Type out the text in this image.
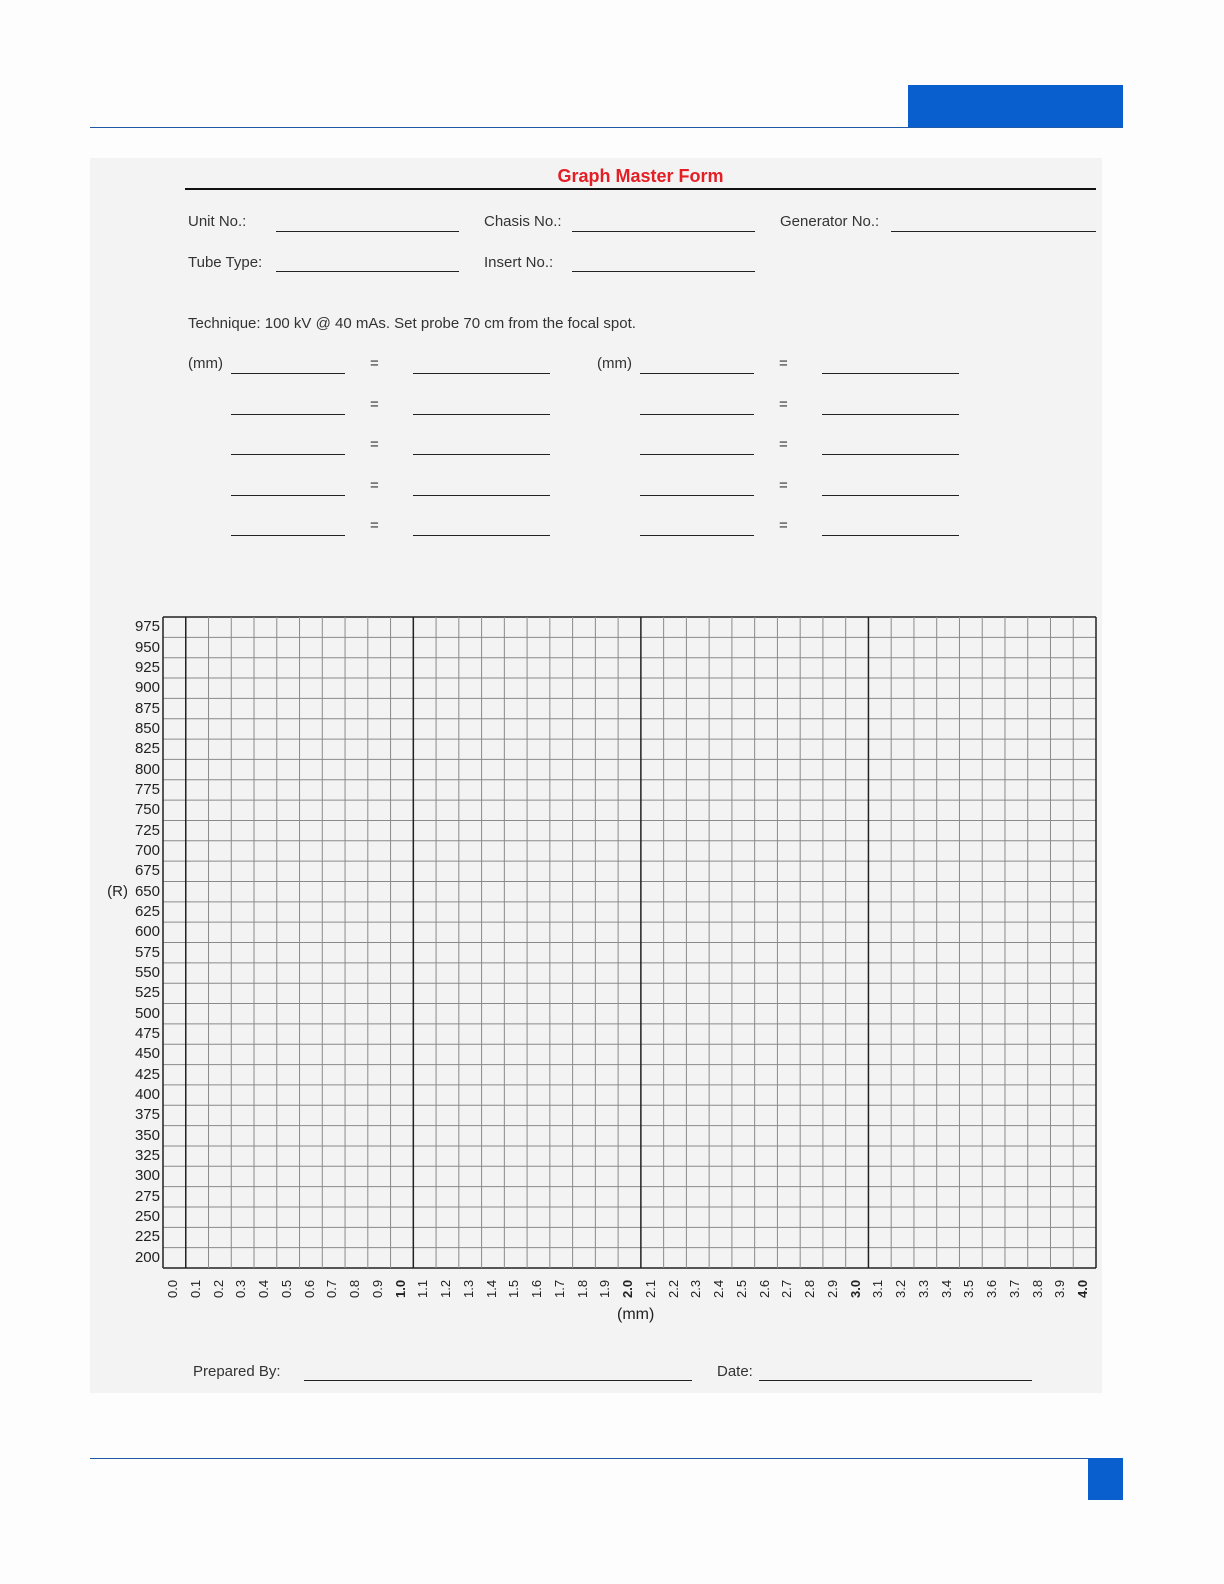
Graph Master Form
Unit No.:	Chasis No.:	Generator No.:
Tube Type:	Insert No.:
Technique: 100 kV @ 40 mAs. Set probe 70 cm from the focal spot.
(mm)	=	(mm)	=
=	=
=	=
=	=
=	=
(R)
(mm)
975
950
925
900
875
850
825
800
775
750
725
700
675
650
625
600
575
550
525
500
475
450
425
400
375
350
325
300
275
250
225
200
0.0 0.1 0.2 0.3 0.4 0.5 0.6 0.7 0.8 0.9 1.0 1.1 1.2 1.3 1.4 1.5 1.6 1.7 1.8 1.9 2.0 2.1 2.2 2.3 2.4 2.5 2.6 2.7 2.8 2.9 3.0 3.1 3.2 3.3 3.4 3.5 3.6 3.7 3.8 3.9 4.0
Prepared By:	Date:
